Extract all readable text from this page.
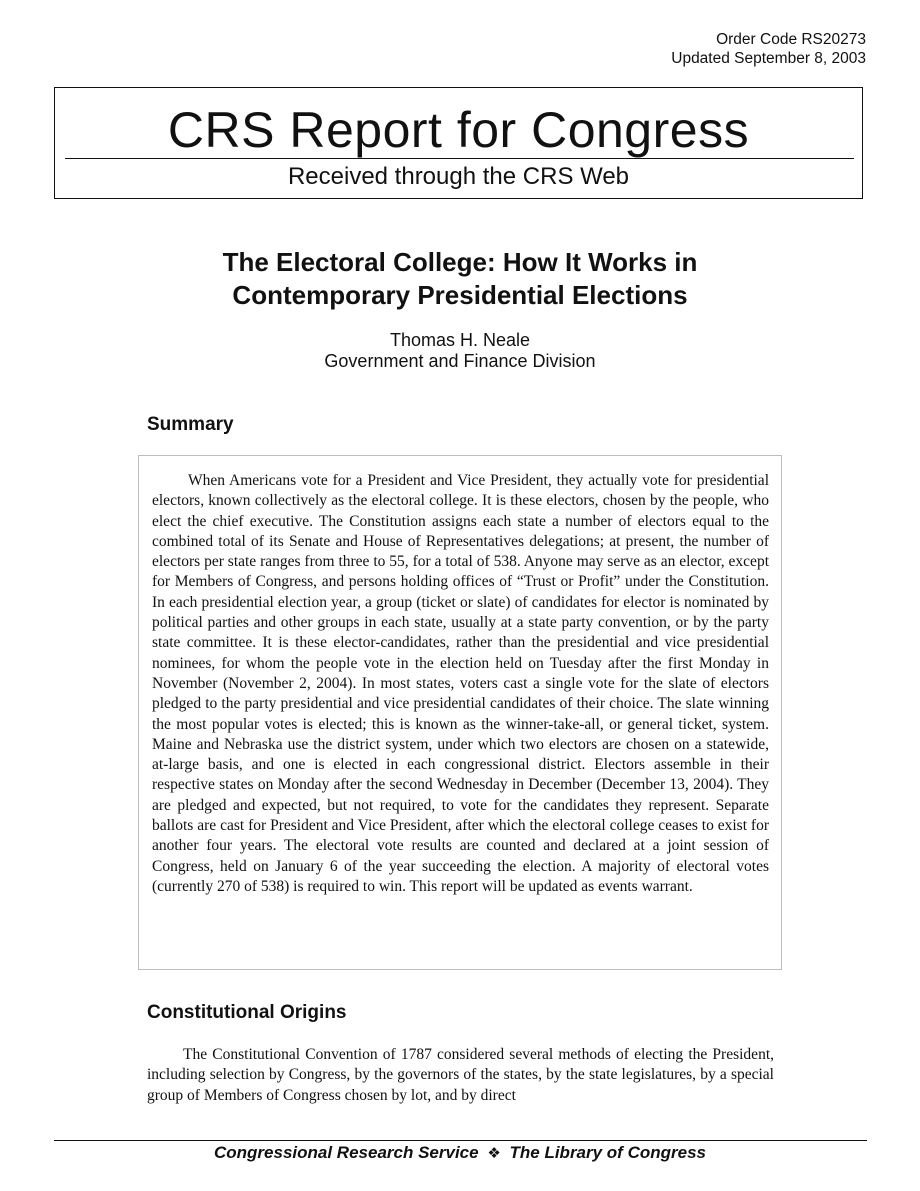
Order Code RS20273
Updated September 8, 2003
CRS Report for Congress
Received through the CRS Web
The Electoral College: How It Works in
Contemporary Presidential Elections
Thomas H. Neale
Government and Finance Division
Summary

When Americans vote for a President and Vice President, they actually vote for presidential electors, known collectively as the electoral college. It is these electors, chosen by the people, who elect the chief executive. The Constitution assigns each state a number of electors equal to the combined total of its Senate and House of Representatives delegations; at present, the number of electors per state ranges from three to 55, for a total of 538. Anyone may serve as an elector, except for Members of Congress, and persons holding offices of “Trust or Profit” under the Constitution. In each presidential election year, a group (ticket or slate) of candidates for elector is nominated by political parties and other groups in each state, usually at a state party convention, or by the party state committee. It is these elector-candidates, rather than the presidential and vice presidential nominees, for whom the people vote in the election held on Tuesday after the first Monday in November (November 2, 2004). In most states, voters cast a single vote for the slate of electors pledged to the party presidential and vice presidential candidates of their choice. The slate winning the most popular votes is elected; this is known as the winner-take-all, or general ticket, system. Maine and Nebraska use the district system, under which two electors are chosen on a statewide, at-large basis, and one is elected in each congressional district. Electors assemble in their respective states on Monday after the second Wednesday in December (December 13, 2004). They are pledged and expected, but not required, to vote for the candidates they represent. Separate ballots are cast for President and Vice President, after which the electoral college ceases to exist for another four years. The electoral vote results are counted and declared at a joint session of Congress, held on January 6 of the year succeeding the election. A majority of electoral votes (currently 270 of 538) is required to win. This report will be updated as events warrant.

Constitutional Origins

The Constitutional Convention of 1787 considered several methods of electing the President, including selection by Congress, by the governors of the states, by the state legislatures, by a special group of Members of Congress chosen by lot, and by direct

Congressional Research Service ❖ The Library of Congress
